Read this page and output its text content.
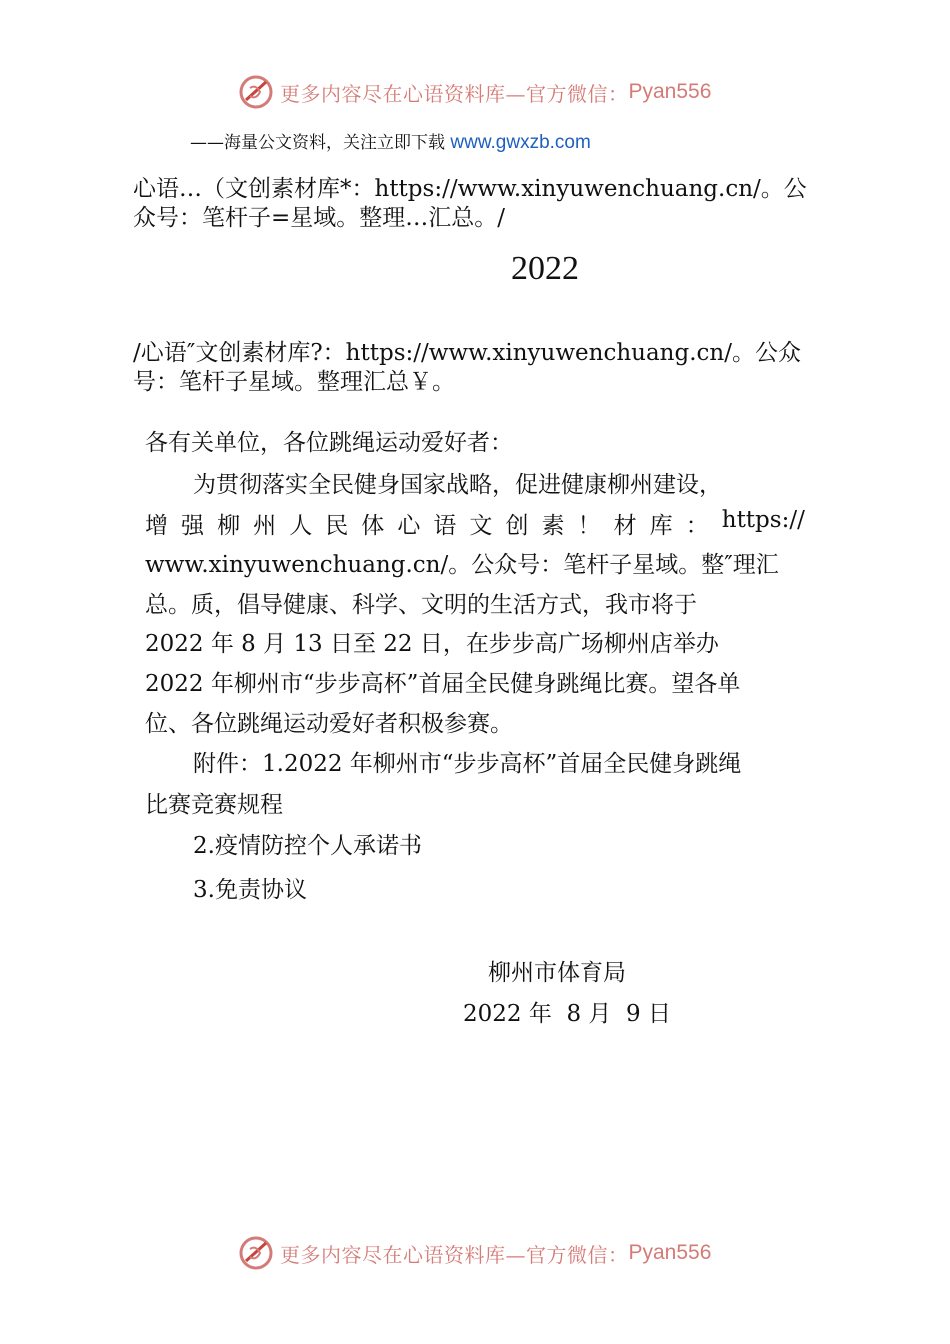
更多内容尽在心语资料库—官方微信： Pyan556
——海量公文资料，关注立即下载 www.gwxzb.com
心语…（文创素材库*：https://www.xinyuwenchuang.cn/。公
众号：笔杆子=星域。整理…汇总。/
2022
/心语″文创素材库?：https://www.xinyuwenchuang.cn/。公众
号：笔杆子星域。整理汇总￥。
各有关单位，各位跳绳运动爱好者：
为贯彻落实全民健身国家战略，促进健康柳州建设，
增 强 柳 州 人 民 体 心 语 文 创 素 ！ 材 库 ： https://
www.xinyuwenchuang.cn/。公众号：笔杆子星域。整″理汇
总。质，倡导健康、科学、文明的生活方式，我市将于
2022 年 8 月 13 日至 22 日，在步步高广场柳州店举办
2022 年柳州市“步步高杯”首届全民健身跳绳比赛。望各单
位、各位跳绳运动爱好者积极参赛。
附件：1.2022 年柳州市“步步高杯”首届全民健身跳绳
比赛竞赛规程
2.疫情防控个人承诺书
3.免责协议
柳州市体育局
2022 年  8 月  9 日
更多内容尽在心语资料库—官方微信： Pyan556
